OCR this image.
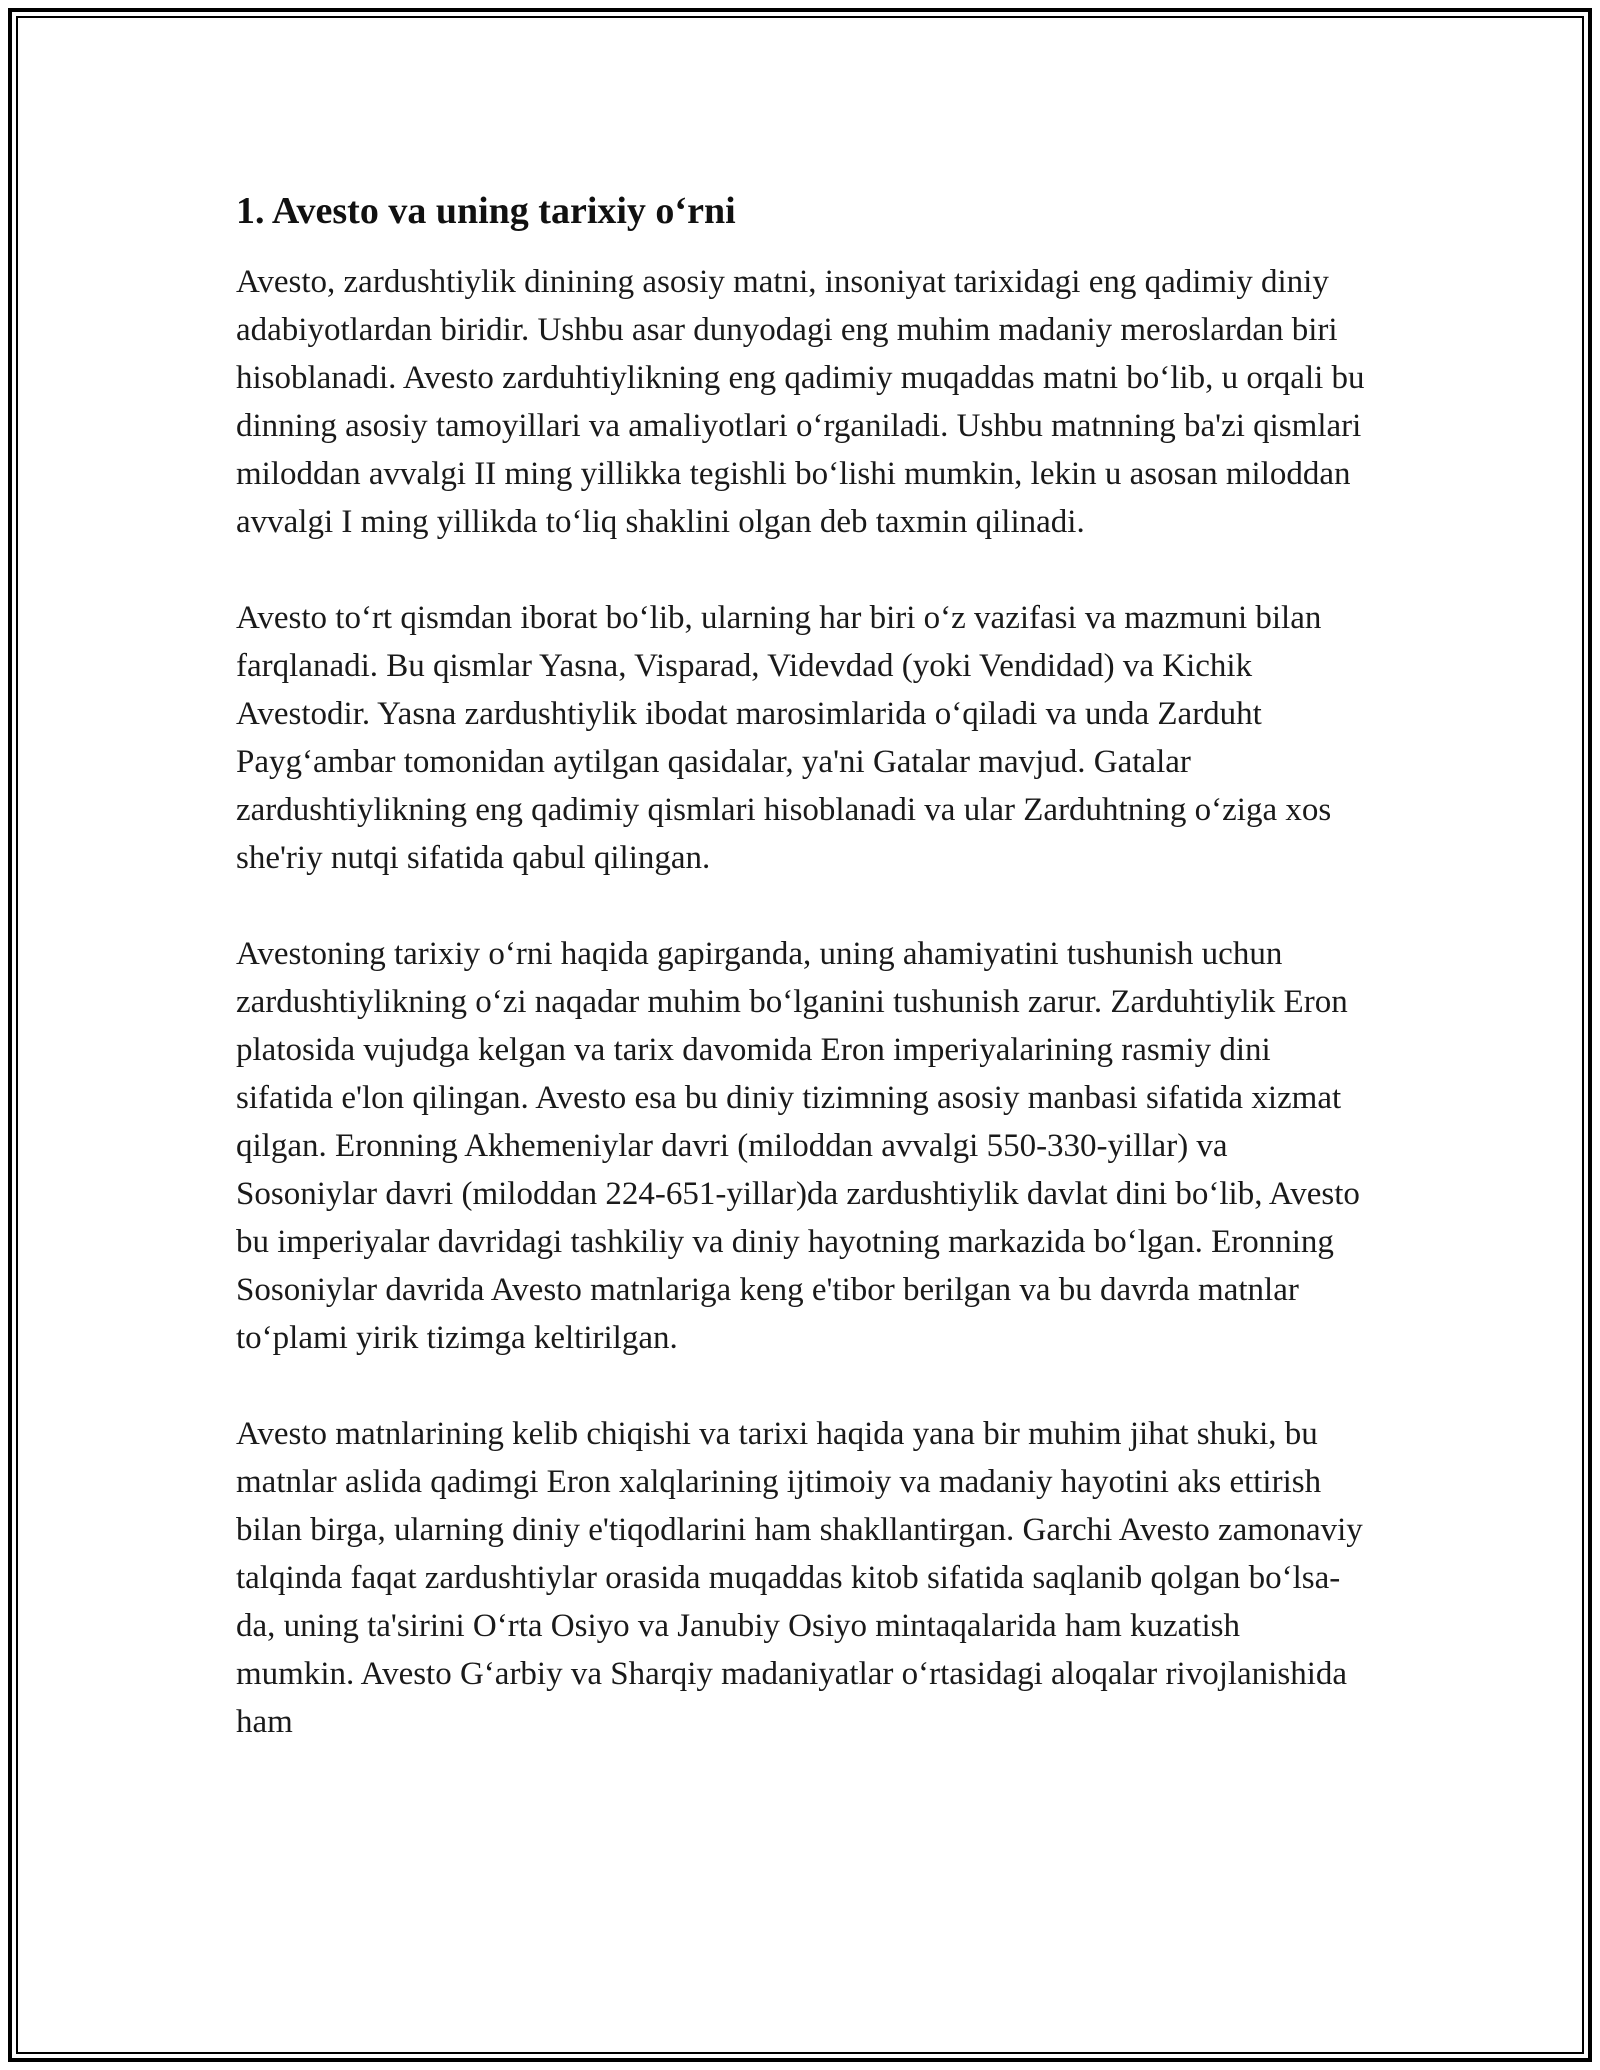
1. Avesto va uning tarixiy o‘rni

Avesto, zardushtiylik dinining asosiy matni, insoniyat tarixidagi eng qadimiy diniy adabiyotlardan biridir. Ushbu asar dunyodagi eng muhim madaniy meroslardan biri hisoblanadi. Avesto zarduhtiylikning eng qadimiy muqaddas matni bo‘lib, u orqali bu dinning asosiy tamoyillari va amaliyotlari o‘rganiladi. Ushbu matnning ba'zi qismlari miloddan avvalgi II ming yillikka tegishli bo‘lishi mumkin, lekin u asosan miloddan avvalgi I ming yillikda to‘liq shaklini olgan deb taxmin qilinadi.

Avesto to‘rt qismdan iborat bo‘lib, ularning har biri o‘z vazifasi va mazmuni bilan farqlanadi. Bu qismlar Yasna, Visparad, Videvdad (yoki Vendidad) va Kichik Avestodir. Yasna zardushtiylik ibodat marosimlarida o‘qiladi va unda Zarduht Payg‘ambar tomonidan aytilgan qasidalar, ya'ni Gatalar mavjud. Gatalar zardushtiylikning eng qadimiy qismlari hisoblanadi va ular Zarduhtning o‘ziga xos she'riy nutqi sifatida qabul qilingan.

Avestoning tarixiy o‘rni haqida gapirganda, uning ahamiyatini tushunish uchun zardushtiylikning o‘zi naqadar muhim bo‘lganini tushunish zarur. Zarduhtiylik Eron platosida vujudga kelgan va tarix davomida Eron imperiyalarining rasmiy dini sifatida e'lon qilingan. Avesto esa bu diniy tizimning asosiy manbasi sifatida xizmat qilgan. Eronning Akhemeniylar davri (miloddan avvalgi 550-330-yillar) va Sosoniylar davri (miloddan 224-651-yillar)da zardushtiylik davlat dini bo‘lib, Avesto bu imperiyalar davridagi tashkiliy va diniy hayotning markazida bo‘lgan. Eronning Sosoniylar davrida Avesto matnlariga keng e'tibor berilgan va bu davrda matnlar to‘plami yirik tizimga keltirilgan.

Avesto matnlarining kelib chiqishi va tarixi haqida yana bir muhim jihat shuki, bu matnlar aslida qadimgi Eron xalqlarining ijtimoiy va madaniy hayotini aks ettirish bilan birga, ularning diniy e'tiqodlarini ham shakllantirgan. Garchi Avesto zamonaviy talqinda faqat zardushtiylar orasida muqaddas kitob sifatida saqlanib qolgan bo‘lsa-da, uning ta'sirini O‘rta Osiyo va Janubiy Osiyo mintaqalarida ham kuzatish mumkin. Avesto G‘arbiy va Sharqiy madaniyatlar o‘rtasidagi aloqalar rivojlanishida ham
